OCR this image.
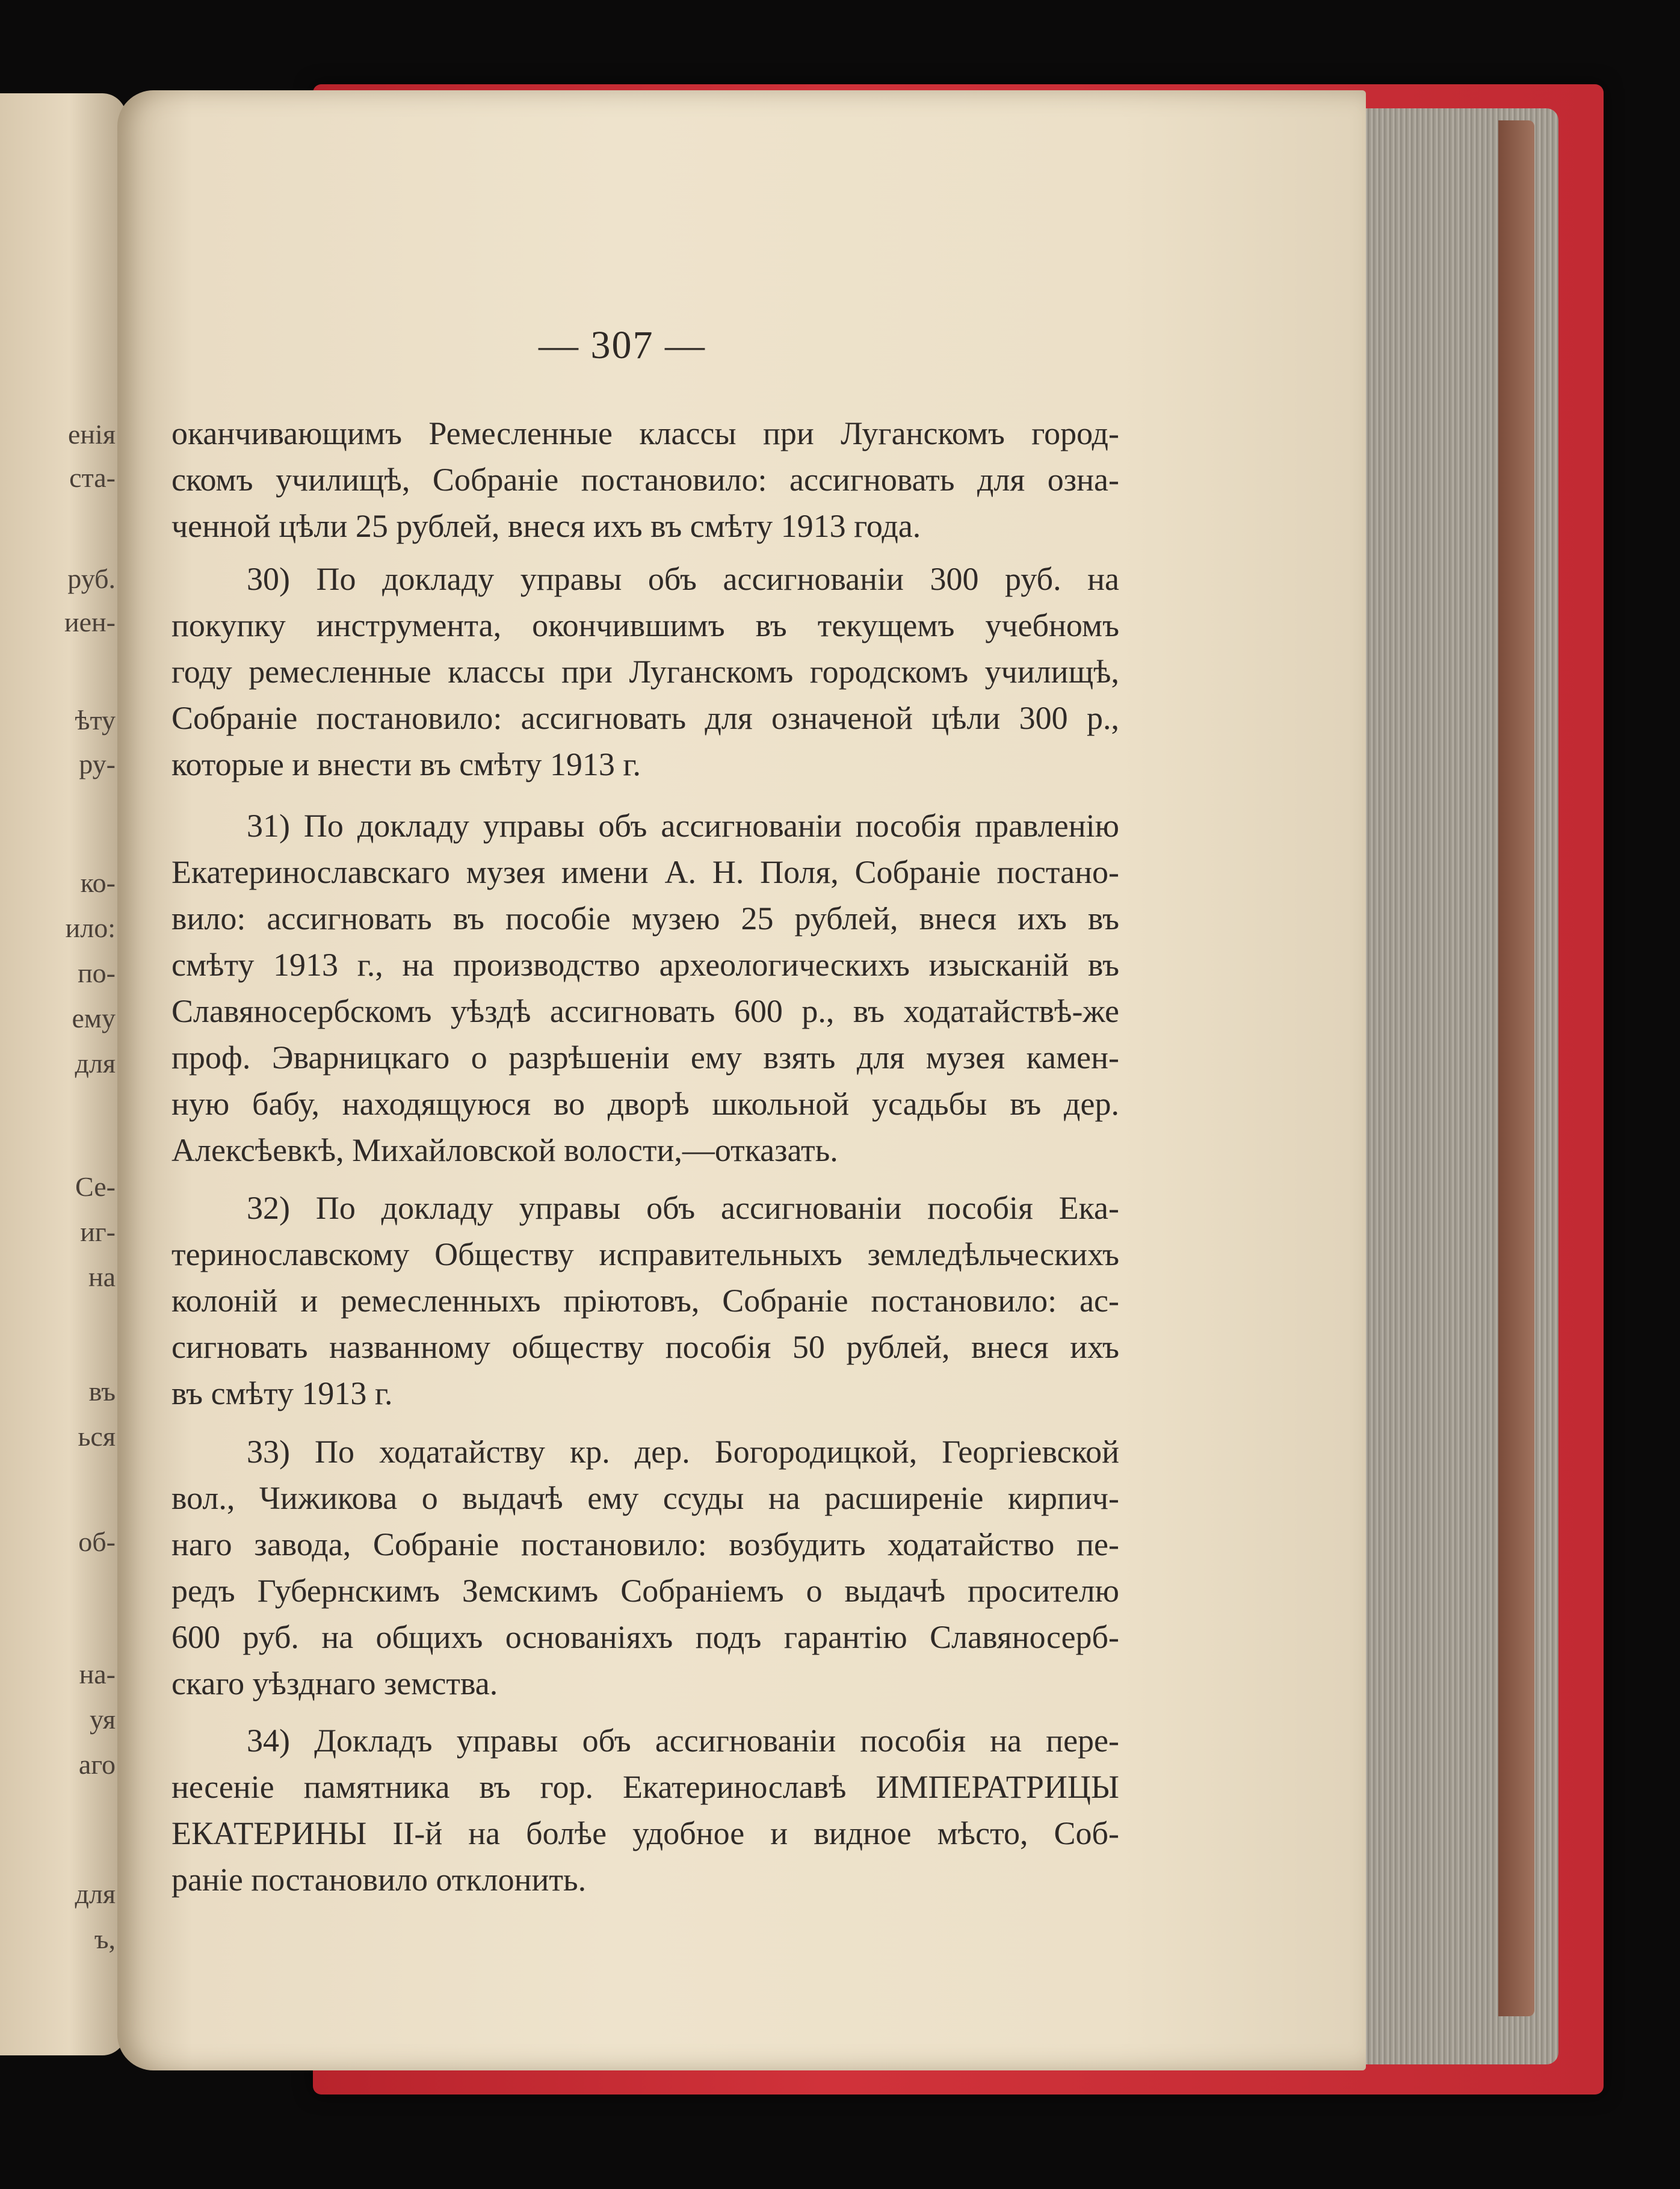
енія
ста-
руб.
иен-
ѣту
ру-
ко-
ило:
по-
ему
для
Се-
иг-
на
въ
ься
об-
на-
уя
аго
для
ъ,
— 307 —
оканчивающимъ Ремесленные классы при Луганскомъ город-
скомъ училищѣ, Собраніе постановило: ассигновать для озна-
ченной цѣли 25 рублей, внеся ихъ въ смѣту 1913 года.
30) По докладу управы объ ассигнованіи 300 руб. на
покупку инструмента, окончившимъ въ текущемъ учебномъ
году ремесленные классы при Луганскомъ городскомъ училищѣ,
Собраніе постановило: ассигновать для означеной цѣли 300 р.,
которые и внести въ смѣту 1913 г.
31) По докладу управы объ ассигнованіи пособія правленію
Екатеринославскаго музея имени А. Н. Поля, Собраніе постано-
вило: ассигновать въ пособіе музею 25 рублей, внеся ихъ въ
смѣту 1913 г., на производство археологическихъ изысканій въ
Славяносербскомъ уѣздѣ ассигновать 600 р., въ ходатайствѣ-же
проф. Эварницкаго о разрѣшеніи ему взять для музея камен-
ную бабу, находящуюся во дворѣ школьной усадьбы въ дер.
Алексѣевкѣ, Михайловской волости,—отказать.
32) По докладу управы объ ассигнованіи пособія Ека-
теринославскому Обществу исправительныхъ земледѣльческихъ
колоній и ремесленныхъ пріютовъ, Собраніе постановило: ас-
сигновать названному обществу пособія 50 рублей, внеся ихъ
въ смѣту 1913 г.
33) По ходатайству кр. дер. Богородицкой, Георгіевской
вол., Чижикова о выдачѣ ему ссуды на расширеніе кирпич-
наго завода, Собраніе постановило: возбудить ходатайство пе-
редъ Губернскимъ Земскимъ Собраніемъ о выдачѣ просителю
600 руб. на общихъ основаніяхъ подъ гарантію Славяносерб-
скаго уѣзднаго земства.
34) Докладъ управы объ ассигнованіи пособія на пере-
несеніе памятника въ гор. Екатеринославѣ ИМПЕРАТРИЦЫ
ЕКАТЕРИНЫ II-й на болѣе удобное и видное мѣсто, Соб-
раніе постановило отклонить.
